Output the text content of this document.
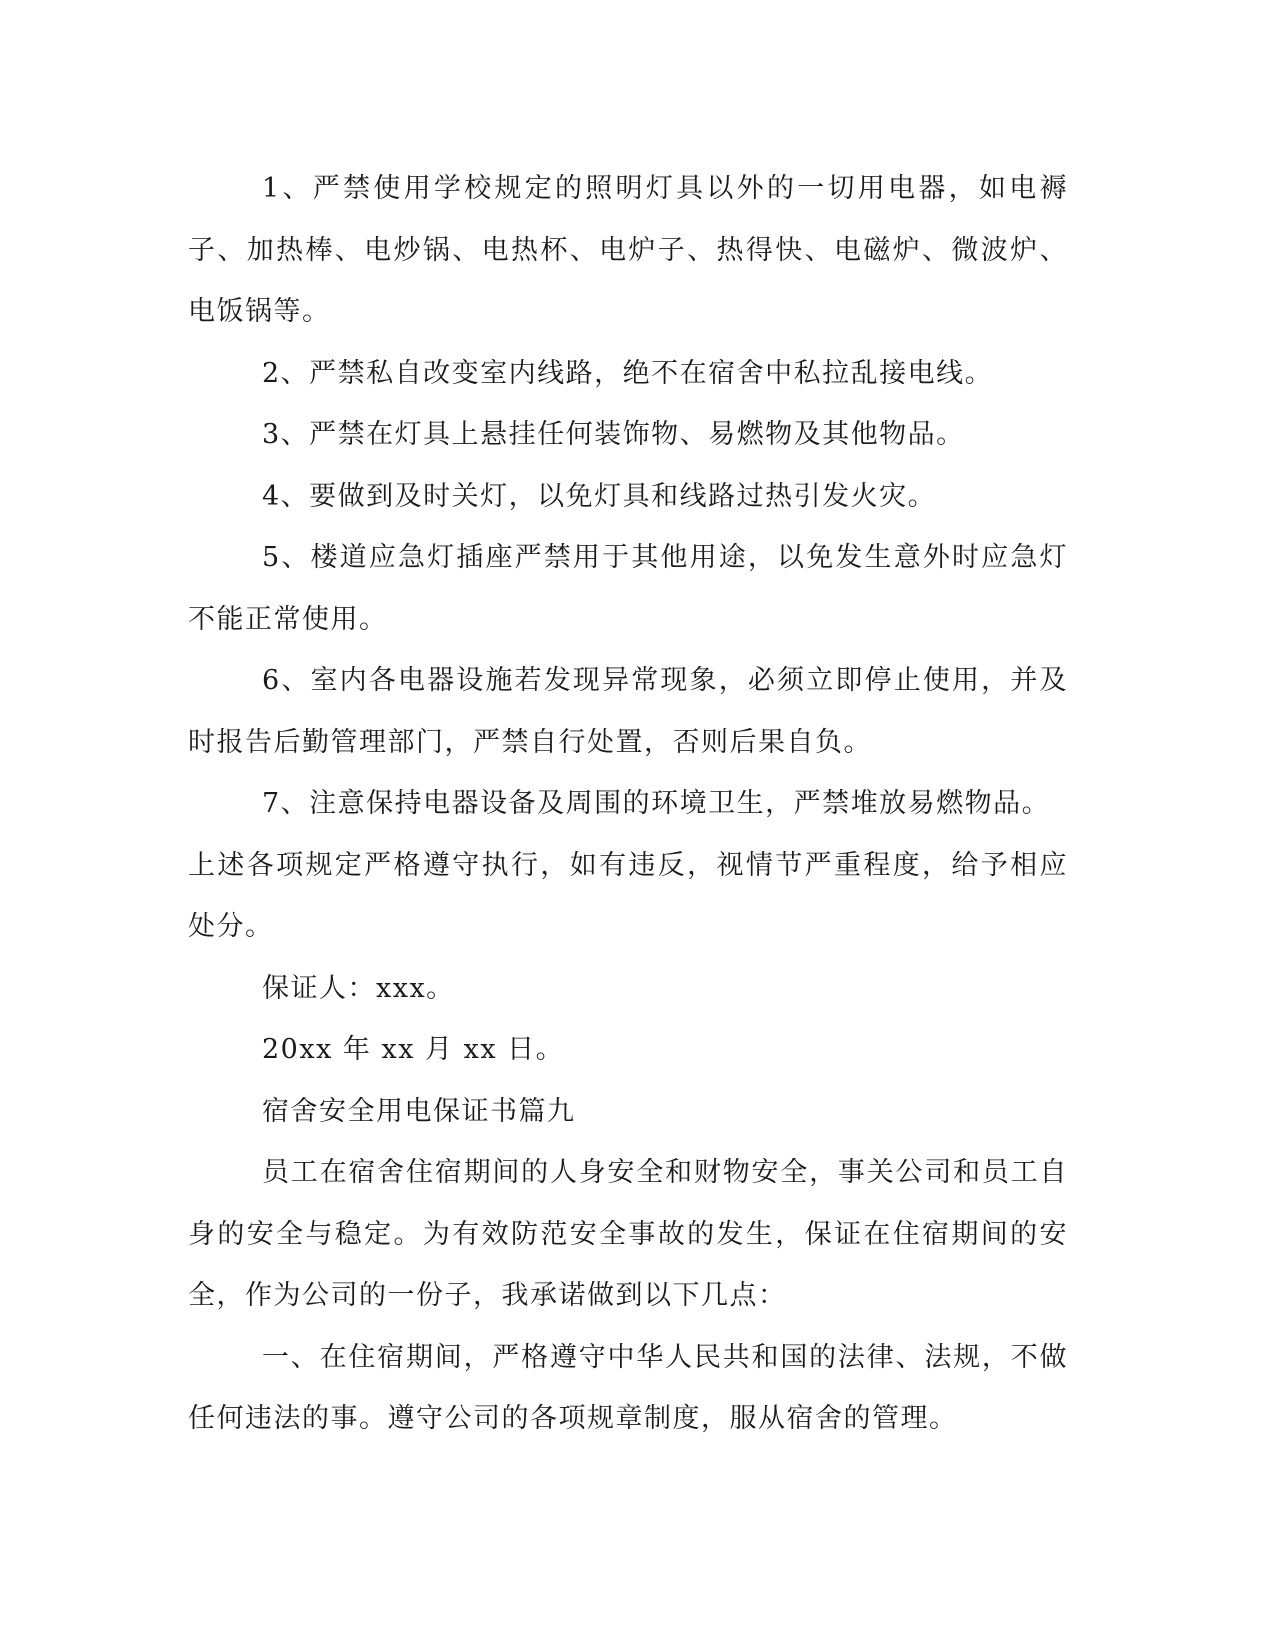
1、严禁使用学校规定的照明灯具以外的一切用电器，如电褥子、加热棒、电炒锅、电热杯、电炉子、热得快、电磁炉、微波炉、电饭锅等。

2、严禁私自改变室内线路，绝不在宿舍中私拉乱接电线。

3、严禁在灯具上悬挂任何装饰物、易燃物及其他物品。

4、要做到及时关灯，以免灯具和线路过热引发火灾。

5、楼道应急灯插座严禁用于其他用途，以免发生意外时应急灯不能正常使用。

6、室内各电器设施若发现异常现象，必须立即停止使用，并及时报告后勤管理部门，严禁自行处置，否则后果自负。

7、注意保持电器设备及周围的环境卫生，严禁堆放易燃物品。

上述各项规定严格遵守执行，如有违反，视情节严重程度，给予相应处分。

保证人：xxx。

20xx 年 xx 月 xx 日。

宿舍安全用电保证书篇九

员工在宿舍住宿期间的人身安全和财物安全，事关公司和员工自身的安全与稳定。为有效防范安全事故的发生，保证在住宿期间的安全，作为公司的一份子，我承诺做到以下几点：

一、在住宿期间，严格遵守中华人民共和国的法律、法规，不做任何违法的事。遵守公司的各项规章制度，服从宿舍的管理。
